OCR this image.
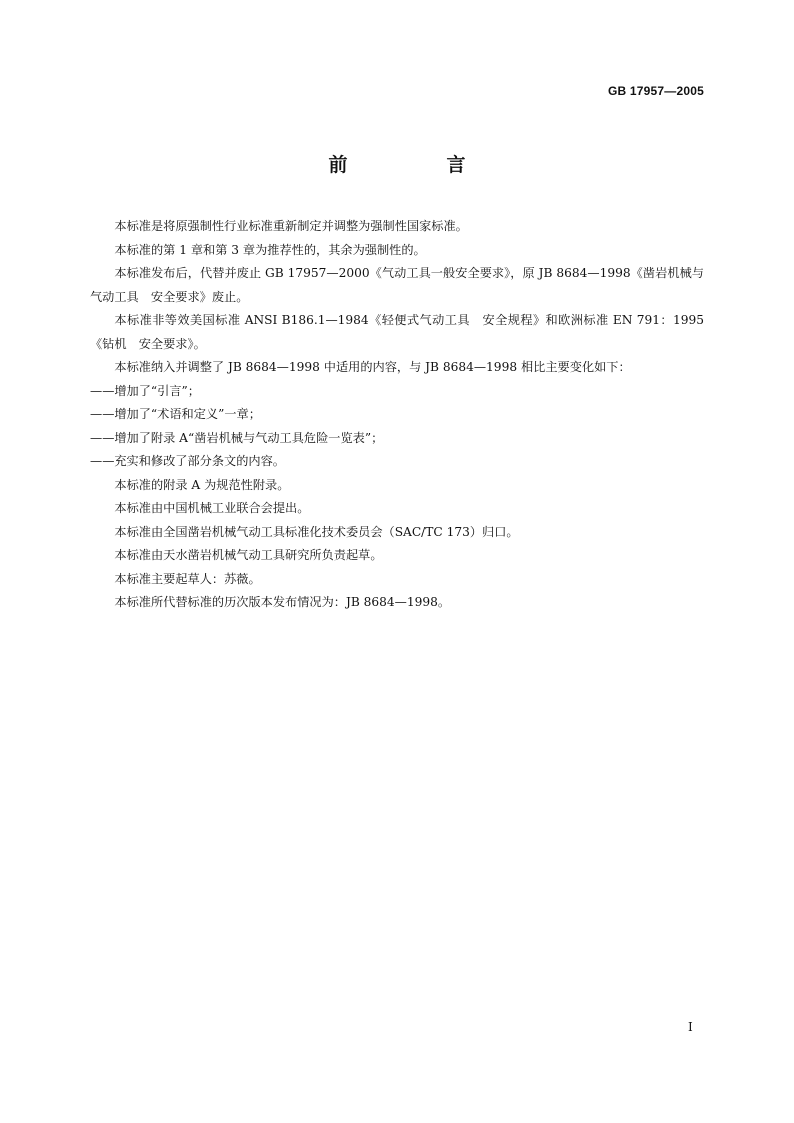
GB 17957—2005
前　言

本标准是将原强制性行业标准重新制定并调整为强制性国家标准。

本标准的第 1 章和第 3 章为推荐性的，其余为强制性的。

本标准发布后，代替并废止 GB 17957—2000《气动工具一般安全要求》，原 JB 8684—1998《凿岩机械与气动工具　安全要求》废止。

本标准非等效美国标准 ANSI B186.1—1984《轻便式气动工具　安全规程》和欧洲标准 EN 791：1995《钻机　安全要求》。

本标准纳入并调整了 JB 8684—1998 中适用的内容，与 JB 8684—1998 相比主要变化如下：

——增加了“引言”；

——增加了“术语和定义”一章；

——增加了附录 A“凿岩机械与气动工具危险一览表”；

——充实和修改了部分条文的内容。

本标准的附录 A 为规范性附录。

本标准由中国机械工业联合会提出。

本标准由全国凿岩机械气动工具标准化技术委员会（SAC/TC 173）归口。

本标准由天水凿岩机械气动工具研究所负责起草。

本标准主要起草人：苏薇。

本标准所代替标准的历次版本发布情况为：JB 8684—1998。

I
